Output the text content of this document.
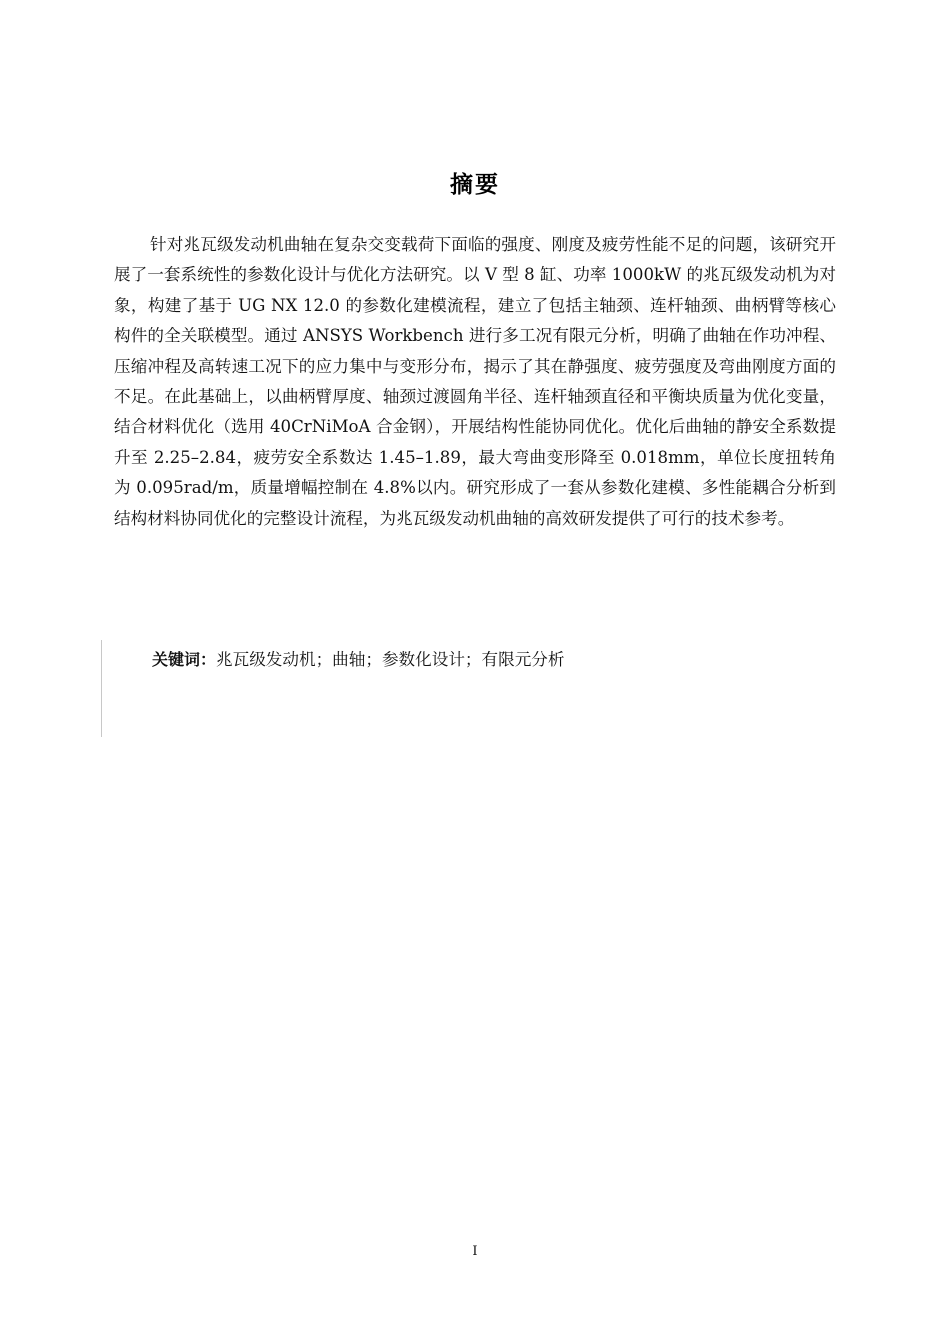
摘要

针对兆瓦级发动机曲轴在复杂交变载荷下面临的强度、刚度及疲劳性能不足的问题，该研究开展了一套系统性的参数化设计与优化方法研究。以 V 型 8 缸、功率 1000kW 的兆瓦级发动机为对象，构建了基于 UG NX 12.0 的参数化建模流程，建立了包括主轴颈、连杆轴颈、曲柄臂等核心构件的全关联模型。通过 ANSYS Workbench 进行多工况有限元分析，明确了曲轴在作功冲程、压缩冲程及高转速工况下的应力集中与变形分布，揭示了其在静强度、疲劳强度及弯曲刚度方面的不足。在此基础上，以曲柄臂厚度、轴颈过渡圆角半径、连杆轴颈直径和平衡块质量为优化变量，结合材料优化（选用 40CrNiMoA 合金钢），开展结构性能协同优化。优化后曲轴的静安全系数提升至 2.25–2.84，疲劳安全系数达 1.45–1.89，最大弯曲变形降至 0.018mm，单位长度扭转角为 0.095rad/m，质量增幅控制在 4.8%以内。研究形成了一套从参数化建模、多性能耦合分析到结构材料协同优化的完整设计流程，为兆瓦级发动机曲轴的高效研发提供了可行的技术参考。

关键词：兆瓦级发动机；曲轴；参数化设计；有限元分析
I
